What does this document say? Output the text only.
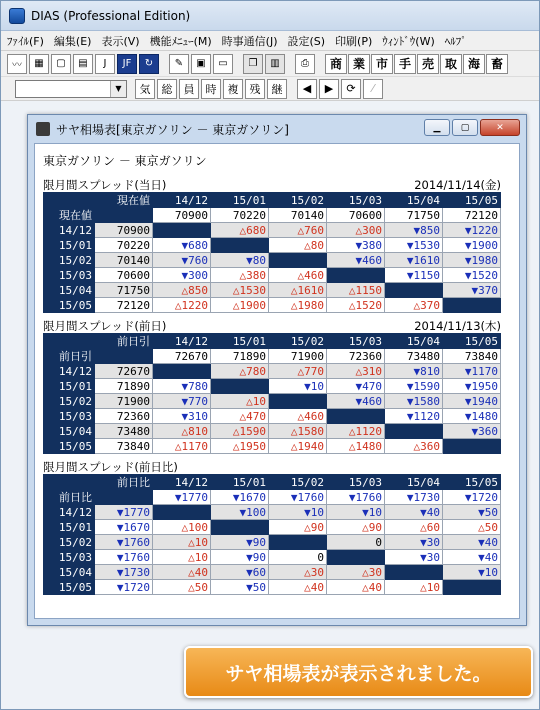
DIAS (Professional Edition)
ﾌｧｲﾙ(F) 編集(E) 表示(V) 機能ﾒﾆｭｰ(M) 時事通信(J) 設定(S) 印刷(P) ｳｨﾝﾄﾞｳ(W) ﾍﾙﾌﾟ
〰	▦	▢	▤	J	JF	↻	✎	▣	▭	❐	▥	⎙	商 業 市 手 売 取 海 畜
▼	気	総	員	時	複	残	継	◀	▶	⟳	⁄
サヤ相場表[東京ガソリン － 東京ガソリン]	▁	▢	✕
東京ガソリン － 東京ガソリン
限月間スプレッド(当日)	2014/11/14(金)
	現在値	14/12	15/01	15/02	15/03	15/04	15/05
現在値		70900	70220	70140	70600	71750	72120
14/12	70900		△680	△760	△300	▼850	▼1220
15/01	70220	▼680		△80	▼380	▼1530	▼1900
15/02	70140	▼760	▼80		▼460	▼1610	▼1980
15/03	70600	▼300	△380	△460		▼1150	▼1520
15/04	71750	△850	△1530	△1610	△1150		▼370
15/05	72120	△1220	△1900	△1980	△1520	△370	
限月間スプレッド(前日)	2014/11/13(木)
	前日引	14/12	15/01	15/02	15/03	15/04	15/05
前日引		72670	71890	71900	72360	73480	73840
14/12	72670		△780	△770	△310	▼810	▼1170
15/01	71890	▼780		▼10	▼470	▼1590	▼1950
15/02	71900	▼770	△10		▼460	▼1580	▼1940
15/03	72360	▼310	△470	△460		▼1120	▼1480
15/04	73480	△810	△1590	△1580	△1120		▼360
15/05	73840	△1170	△1950	△1940	△1480	△360	
限月間スプレッド(前日比)
	前日比	14/12	15/01	15/02	15/03	15/04	15/05
前日比		▼1770	▼1670	▼1760	▼1760	▼1730	▼1720
14/12	▼1770		▼100	▼10	▼10	▼40	▼50
15/01	▼1670	△100		△90	△90	△60	△50
15/02	▼1760	△10	▼90		0	▼30	▼40
15/03	▼1760	△10	▼90	0		▼30	▼40
15/04	▼1730	△40	▼60	△30	△30		▼10
15/05	▼1720	△50	▼50	△40	△40	△10	
サヤ相場表が表示されました。
